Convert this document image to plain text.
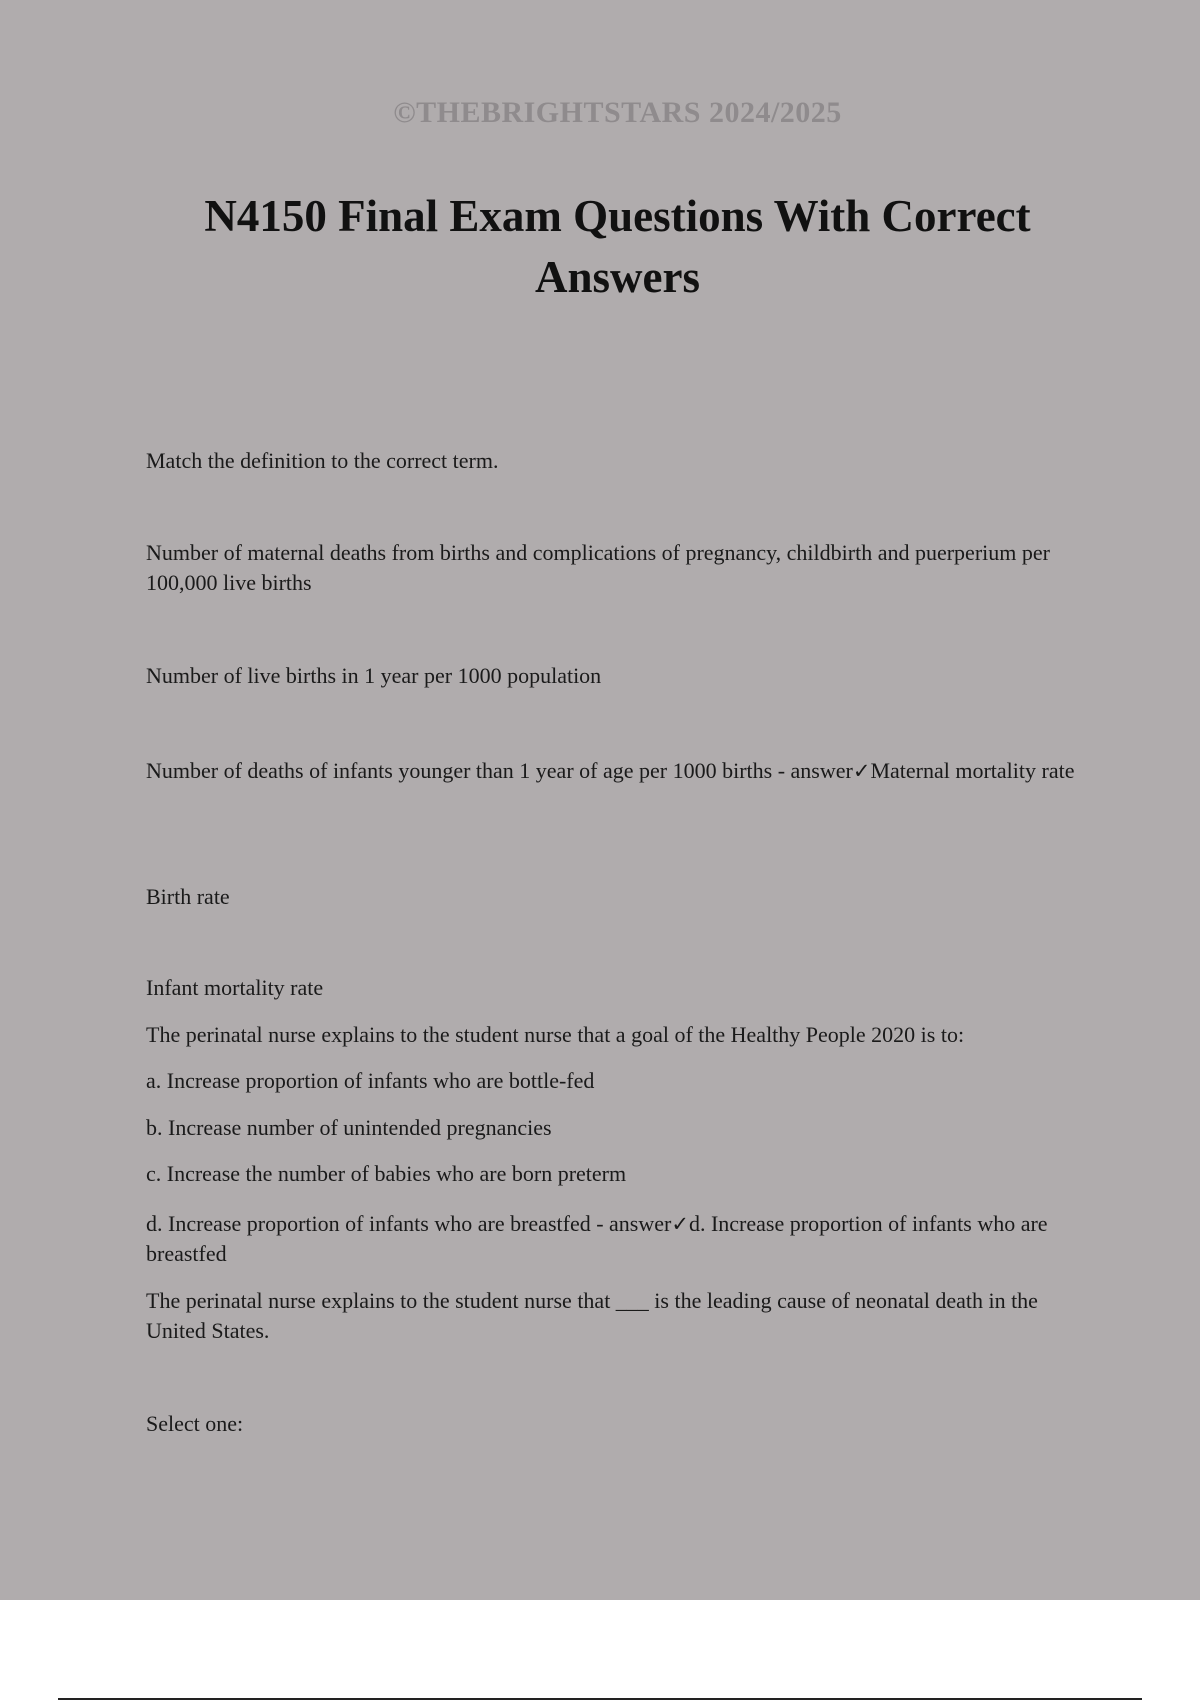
©THEBRIGHTSTARS 2024/2025
N4150 Final Exam Questions With Correct Answers

Match the definition to the correct term.

Number of maternal deaths from births and complications of pregnancy, childbirth and puerperium per 100,000 live births

Number of live births in 1 year per 1000 population

Number of deaths of infants younger than 1 year of age per 1000 births - answer✓Maternal mortality rate

Birth rate

Infant mortality rate

The perinatal nurse explains to the student nurse that a goal of the Healthy People 2020 is to:

a. Increase proportion of infants who are bottle-fed

b. Increase number of unintended pregnancies

c. Increase the number of babies who are born preterm

d. Increase proportion of infants who are breastfed - answer✓d. Increase proportion of infants who are breastfed

The perinatal nurse explains to the student nurse that ___ is the leading cause of neonatal death in the United States.

Select one:
